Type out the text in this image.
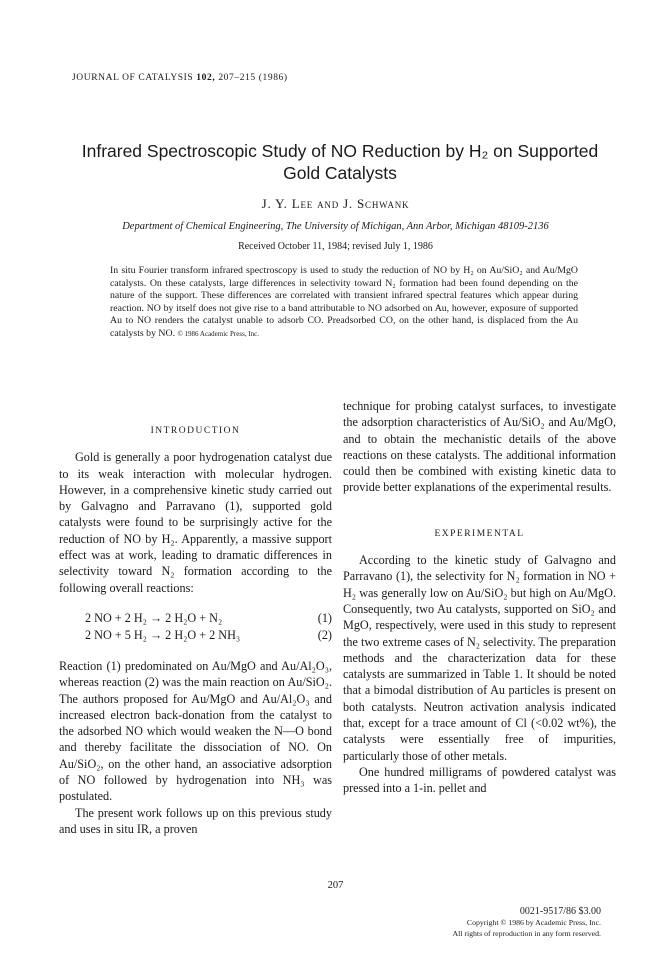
JOURNAL OF CATALYSIS 102, 207–215 (1986)
Infrared Spectroscopic Study of NO Reduction by H₂ on Supported
Gold Catalysts
J. Y. Lee and J. Schwank
Department of Chemical Engineering, The University of Michigan, Ann Arbor, Michigan 48109-2136
Received October 11, 1984; revised July 1, 1986
In situ Fourier transform infrared spectroscopy is used to study the reduction of NO by H₂ on Au/SiO₂ and Au/MgO catalysts. On these catalysts, large differences in selectivity toward N₂ formation had been found depending on the nature of the support. These differences are correlated with transient infrared spectral features which appear during reaction. NO by itself does not give rise to a band attributable to NO adsorbed on Au, however, exposure of supported Au to NO renders the catalyst unable to adsorb CO. Preadsorbed CO, on the other hand, is displaced from the Au catalysts by NO. © 1986 Academic Press, Inc.
INTRODUCTION

Gold is generally a poor hydrogenation catalyst due to its weak interaction with molecular hydrogen. However, in a comprehensive kinetic study carried out by Galvagno and Parravano (1), supported gold catalysts were found to be surprisingly active for the reduction of NO by H₂. Apparently, a massive support effect was at work, leading to dramatic differences in selectivity toward N₂ formation according to the following overall reactions:

2 NO + 2 H₂ → 2 H₂O + N₂	(1)
2 NO + 5 H₂ → 2 H₂O + 2 NH₃	(2)

Reaction (1) predominated on Au/MgO and Au/Al₂O₃, whereas reaction (2) was the main reaction on Au/SiO₂. The authors proposed for Au/MgO and Au/Al₂O₃ and increased electron back-donation from the catalyst to the adsorbed NO which would weaken the N—O bond and thereby facilitate the dissociation of NO. On Au/SiO₂, on the other hand, an associative adsorption of NO followed by hydrogenation into NH₃ was postulated.

The present work follows up on this previous study and uses in situ IR, a proven

technique for probing catalyst surfaces, to investigate the adsorption characteristics of Au/SiO₂ and Au/MgO, and to obtain the mechanistic details of the above reactions on these catalysts. The additional information could then be combined with existing kinetic data to provide better explanations of the experimental results.

EXPERIMENTAL

According to the kinetic study of Galvagno and Parravano (1), the selectivity for N₂ formation in NO + H₂ was generally low on Au/SiO₂ but high on Au/MgO. Consequently, two Au catalysts, supported on SiO₂ and MgO, respectively, were used in this study to represent the two extreme cases of N₂ selectivity. The preparation methods and the characterization data for these catalysts are summarized in Table 1. It should be noted that a bimodal distribution of Au particles is present on both catalysts. Neutron activation analysis indicated that, except for a trace amount of Cl (<0.02 wt%), the catalysts were essentially free of impurities, particularly those of other metals.

One hundred milligrams of powdered catalyst was pressed into a 1-in. pellet and

207
0021-9517/86 $3.00
Copyright © 1986 by Academic Press, Inc.
All rights of reproduction in any form reserved.
